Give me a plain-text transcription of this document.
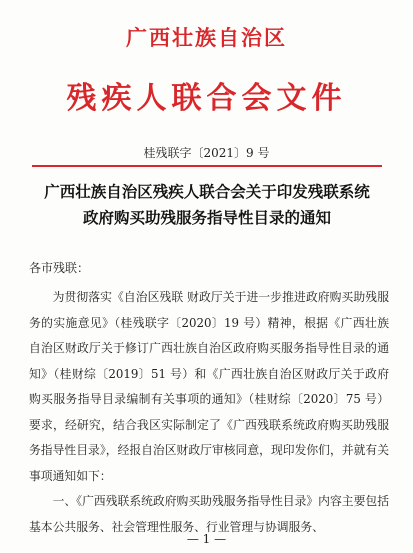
广西壮族自治区
残疾人联合会文件
桂残联字〔2021〕9 号
广西壮族自治区残疾人联合会关于印发残联系统
政府购买助残服务指导性目录的通知
各市残联：

为贯彻落实《自治区残联 财政厅关于进一步推进政府购买助残服务的实施意见》（桂残联字〔2020〕19 号）精神，根据《广西壮族自治区财政厅关于修订广西壮族自治区政府购买服务指导性目录的通知》（桂财综〔2019〕51 号）和《广西壮族自治区财政厅关于政府购买服务指导目录编制有关事项的通知》（桂财综〔2020〕75 号）要求，经研究，结合我区实际制定了《广西残联系统政府购买助残服务指导性目录》，经报自治区财政厅审核同意，现印发你们，并就有关事项通知如下：

一、《广西残联系统政府购买助残服务指导性目录》内容主要包括基本公共服务、社会管理性服务、行业管理与协调服务、

— 1 —
